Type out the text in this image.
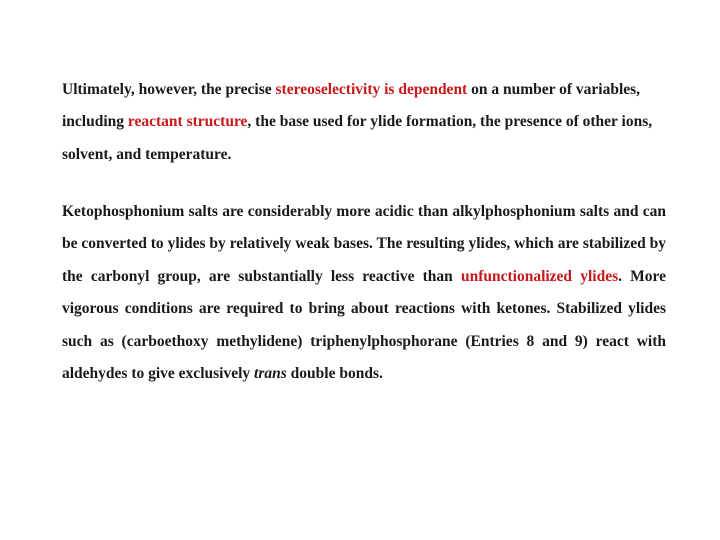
Ultimately, however, the precise stereoselectivity is dependent on a number of variables, including reactant structure, the base used for ylide formation, the presence of other ions, solvent, and temperature.

Ketophosphonium salts are considerably more acidic than alkylphosphonium salts and can be converted to ylides by relatively weak bases. The resulting ylides, which are stabilized by the carbonyl group, are substantially less reactive than unfunctionalized ylides. More vigorous conditions are required to bring about reactions with ketones. Stabilized ylides such as (carboethoxy methylidene) triphenylphosphorane (Entries 8 and 9) react with aldehydes to give exclusively trans double bonds.
